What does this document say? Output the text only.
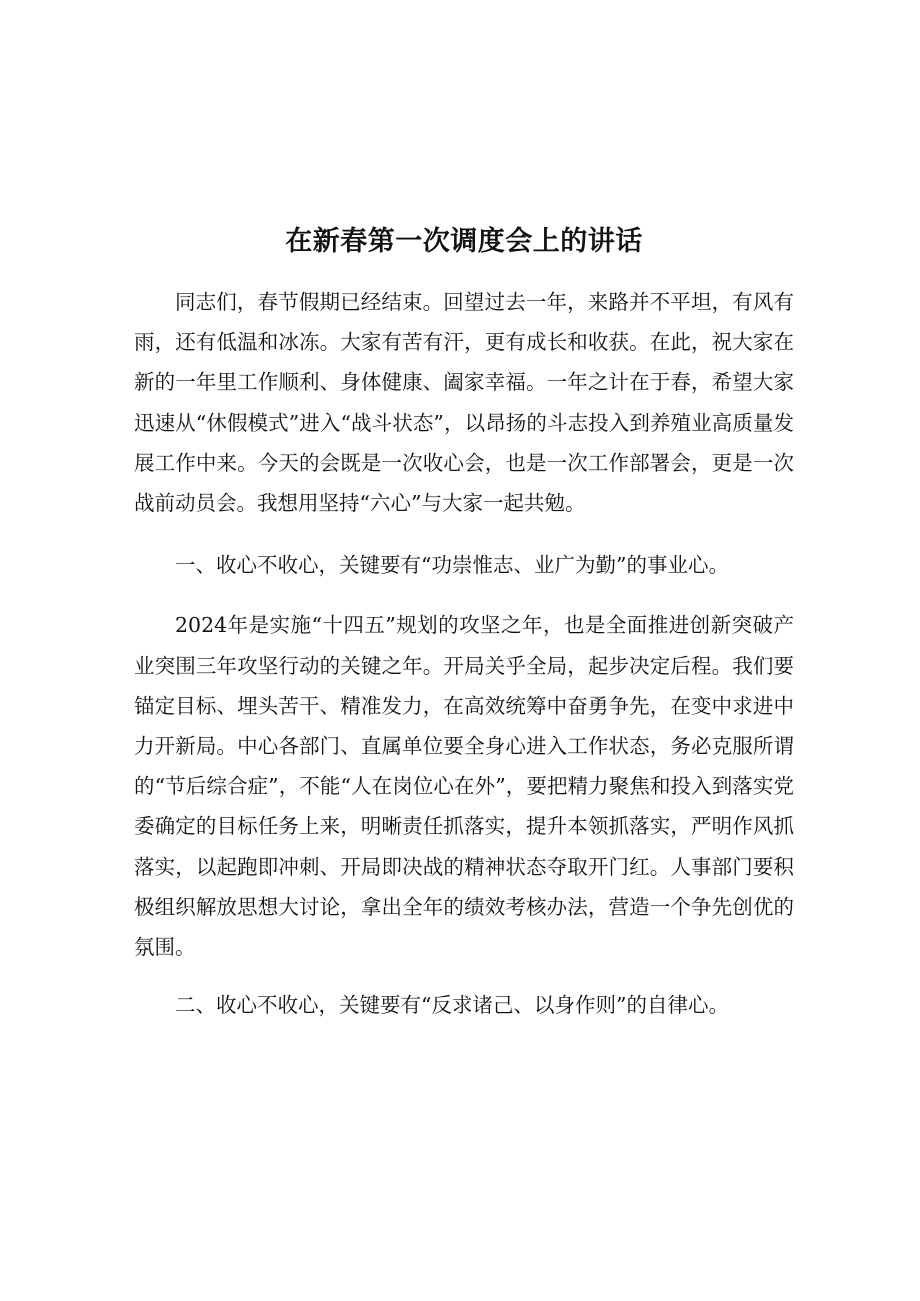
在新春第一次调度会上的讲话

同志们，春节假期已经结束。回望过去一年，来路并不平坦，有风有雨，还有低温和冰冻。大家有苦有汗，更有成长和收获。在此，祝大家在新的一年里工作顺利、身体健康、阖家幸福。一年之计在于春，希望大家迅速从“休假模式”进入“战斗状态”，以昂扬的斗志投入到养殖业高质量发展工作中来。今天的会既是一次收心会，也是一次工作部署会，更是一次战前动员会。我想用坚持“六心”与大家一起共勉。

一、收心不收心，关键要有“功崇惟志、业广为勤”的事业心。

2024年是实施“十四五”规划的攻坚之年，也是全面推进创新突破产业突围三年攻坚行动的关键之年。开局关乎全局，起步决定后程。我们要锚定目标、埋头苦干、精准发力，在高效统筹中奋勇争先，在变中求进中力开新局。中心各部门、直属单位要全身心进入工作状态，务必克服所谓的“节后综合症”，不能“人在岗位心在外”，要把精力聚焦和投入到落实党委确定的目标任务上来，明晰责任抓落实，提升本领抓落实，严明作风抓落实，以起跑即冲刺、开局即决战的精神状态夺取开门红。人事部门要积极组织解放思想大讨论，拿出全年的绩效考核办法，营造一个争先创优的氛围。

二、收心不收心，关键要有“反求诸己、以身作则”的自律心。
